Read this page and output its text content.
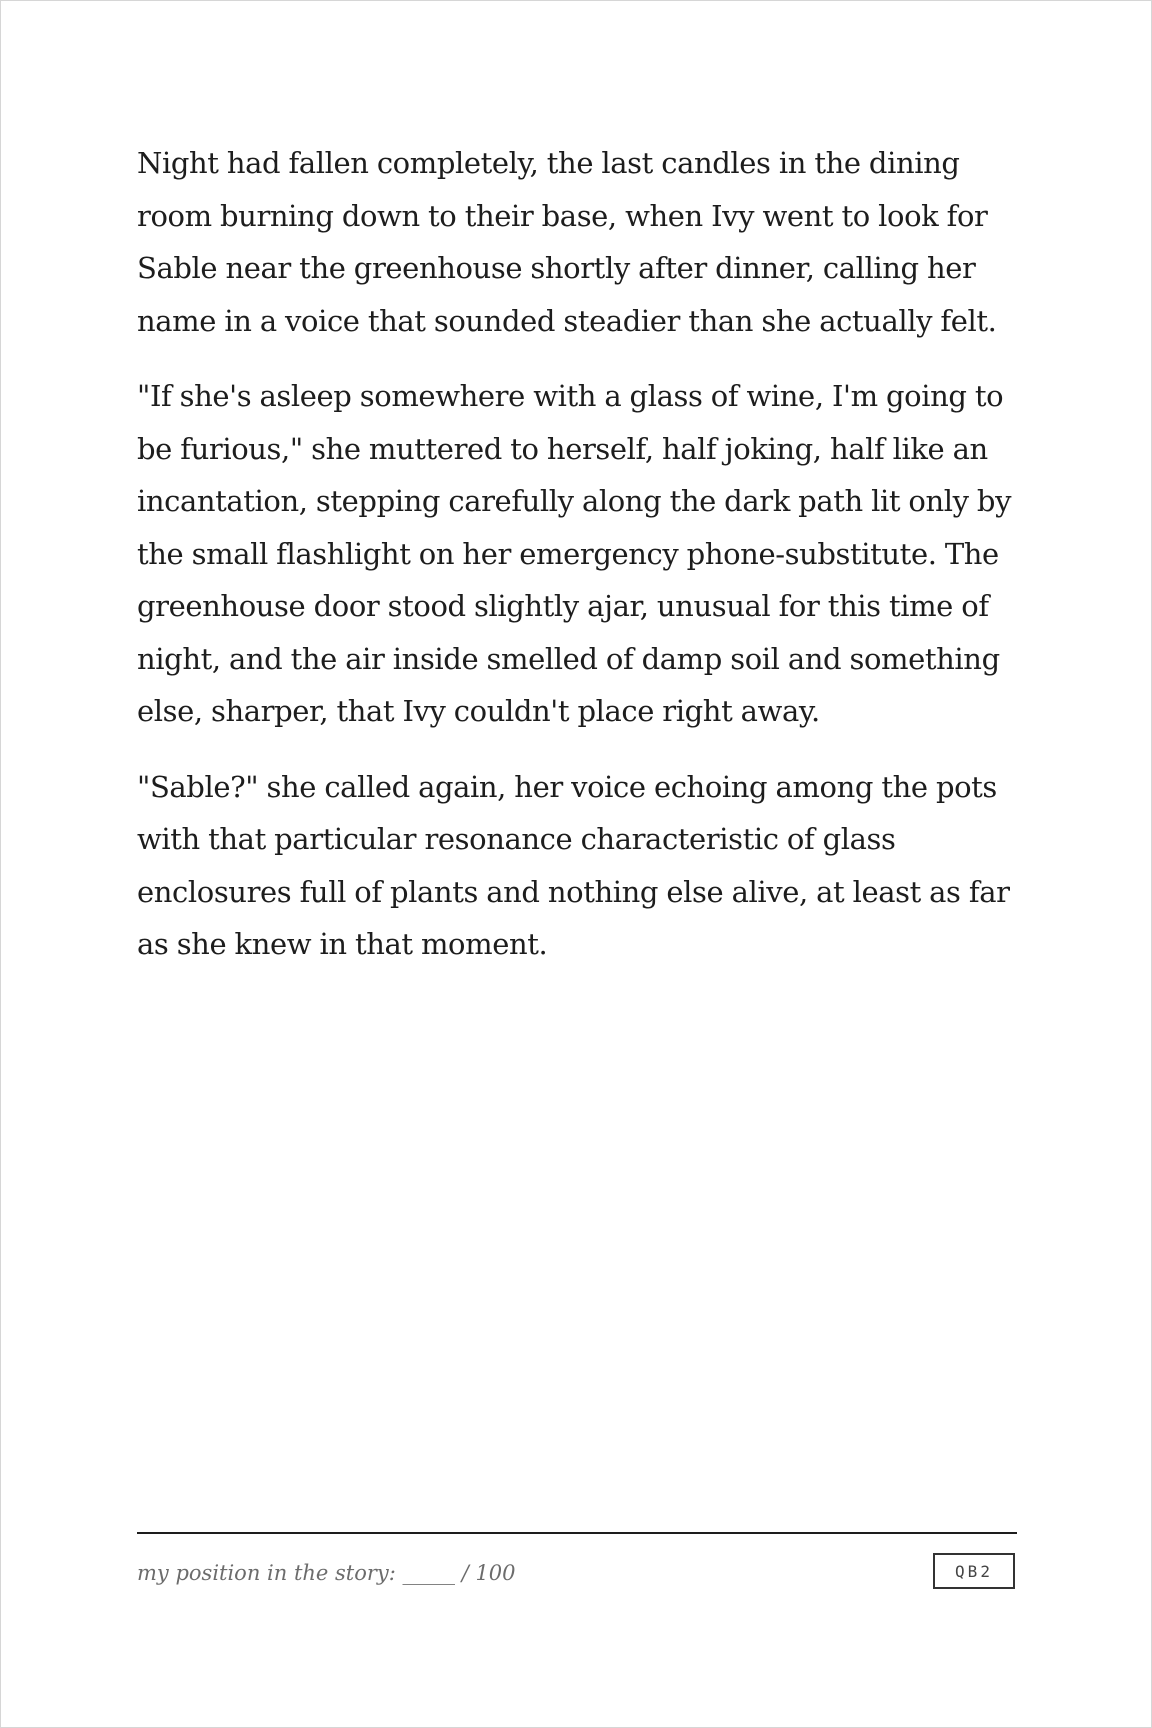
Night had fallen completely, the last candles in the dining room burning down to their base, when Ivy went to look for Sable near the greenhouse shortly after dinner, calling her name in a voice that sounded steadier than she actually felt.

"If she's asleep somewhere with a glass of wine, I'm going to be furious," she muttered to herself, half joking, half like an incantation, stepping carefully along the dark path lit only by the small flashlight on her emergency phone-substitute. The greenhouse door stood slightly ajar, unusual for this time of night, and the air inside smelled of damp soil and something else, sharper, that Ivy couldn't place right away.

"Sable?" she called again, her voice echoing among the pots with that particular resonance characteristic of glass enclosures full of plants and nothing else alive, at least as far as she knew in that moment.

my position in the story: _____ / 100	QB2
